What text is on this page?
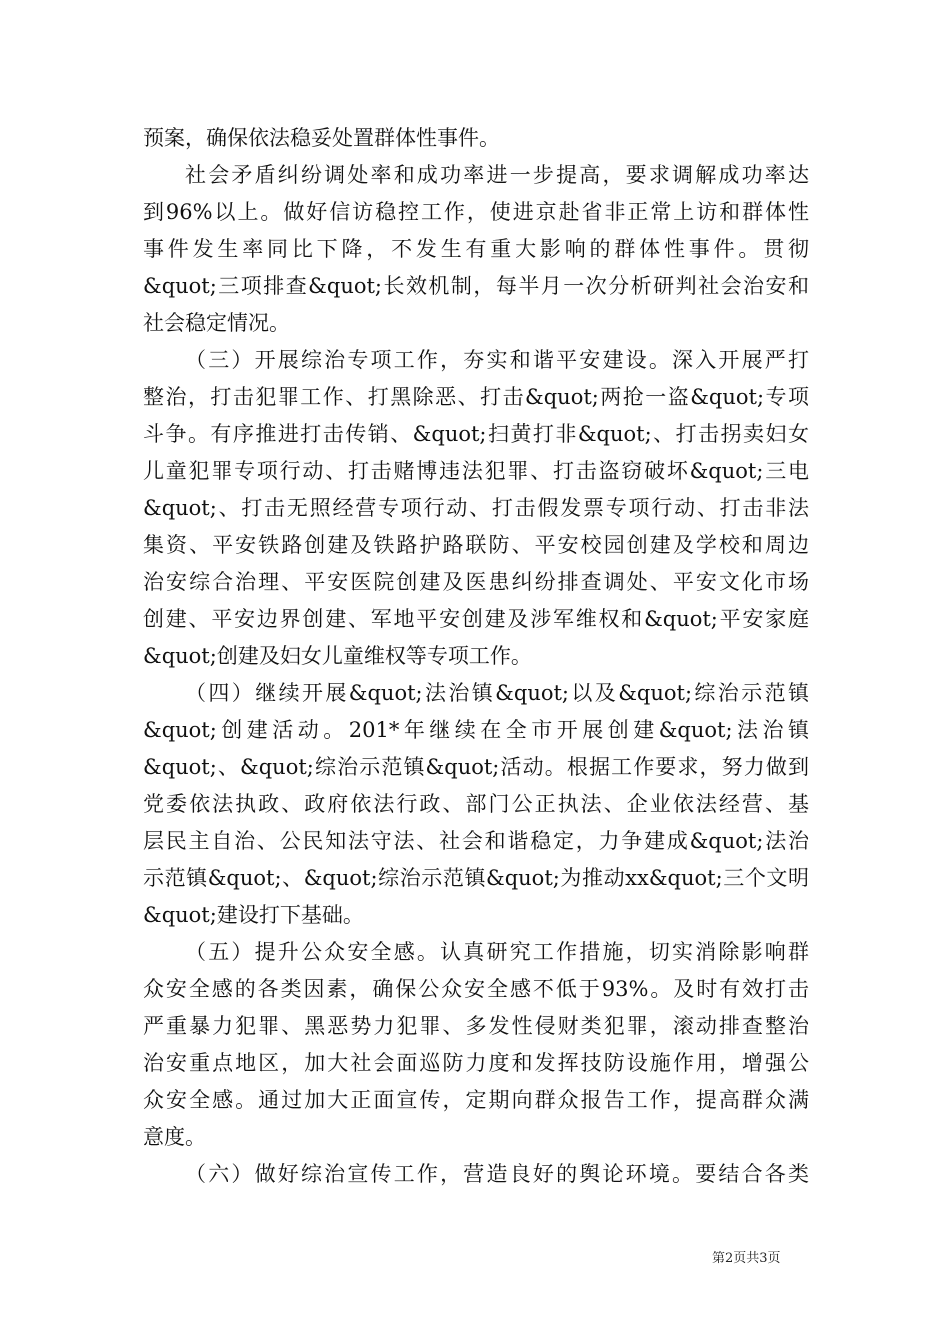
预案，确保依法稳妥处置群体性事件。
社会矛盾纠纷调处率和成功率进一步提高，要求调解成功率达
到96%以上。做好信访稳控工作，使进京赴省非正常上访和群体性
事件发生率同比下降，不发生有重大影响的群体性事件。贯彻
&quot;三项排查&quot;长效机制，每半月一次分析研判社会治安和
社会稳定情况。
（三）开展综治专项工作，夯实和谐平安建设。深入开展严打
整治，打击犯罪工作、打黑除恶、打击&quot;两抢一盗&quot;专项
斗争。有序推进打击传销、&quot;扫黄打非&quot;、打击拐卖妇女
儿童犯罪专项行动、打击赌博违法犯罪、打击盗窃破坏&quot;三电
&quot;、打击无照经营专项行动、打击假发票专项行动、打击非法
集资、平安铁路创建及铁路护路联防、平安校园创建及学校和周边
治安综合治理、平安医院创建及医患纠纷排查调处、平安文化市场
创建、平安边界创建、军地平安创建及涉军维权和&quot;平安家庭
&quot;创建及妇女儿童维权等专项工作。
（四）继续开展&quot;法治镇&quot;以及&quot;综治示范镇
&quot;创建活动。201*年继续在全市开展创建&quot;法治镇
&quot;、&quot;综治示范镇&quot;活动。根据工作要求，努力做到
党委依法执政、政府依法行政、部门公正执法、企业依法经营、基
层民主自治、公民知法守法、社会和谐稳定，力争建成&quot;法治
示范镇&quot;、&quot;综治示范镇&quot;为推动xx&quot;三个文明
&quot;建设打下基础。
（五）提升公众安全感。认真研究工作措施，切实消除影响群
众安全感的各类因素，确保公众安全感不低于93%。及时有效打击
严重暴力犯罪、黑恶势力犯罪、多发性侵财类犯罪，滚动排查整治
治安重点地区，加大社会面巡防力度和发挥技防设施作用，增强公
众安全感。通过加大正面宣传，定期向群众报告工作，提高群众满
意度。
（六）做好综治宣传工作，营造良好的舆论环境。要结合各类
第2页共3页
